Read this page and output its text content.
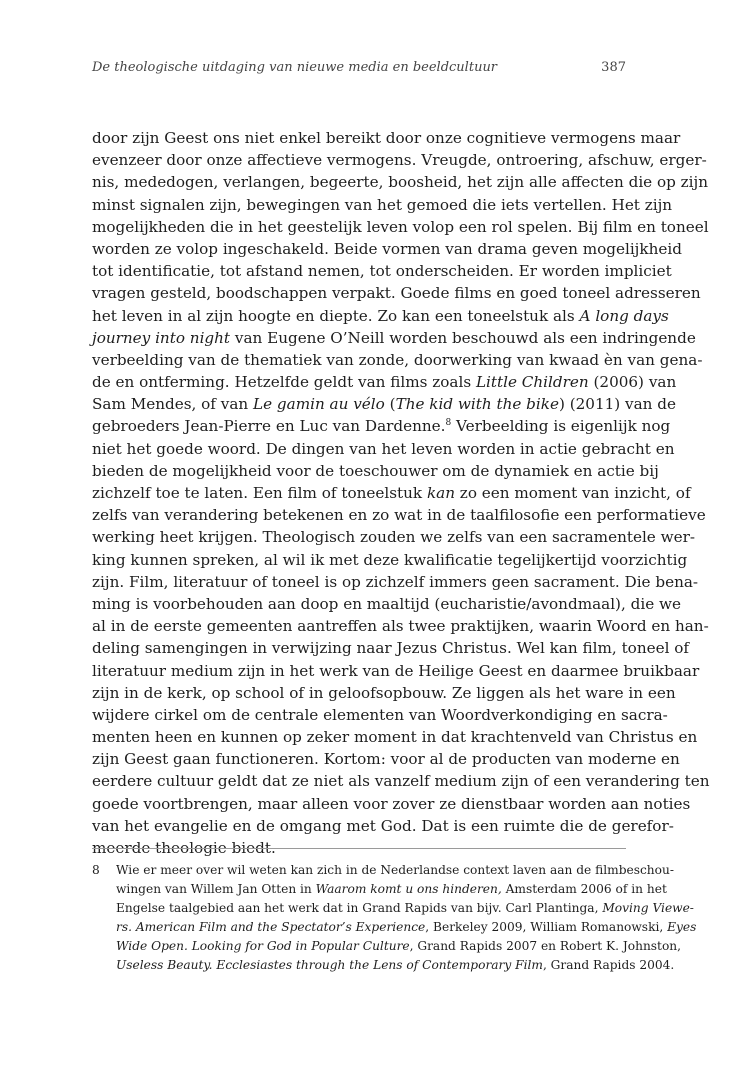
De theologische uitdaging van nieuwe media en beeldcultuur	387
door zijn Geest ons niet enkel bereikt door onze cognitieve vermogens maar
evenzeer door onze affectieve vermogens. Vreugde, ontroering, afschuw, erger-
nis, mededogen, verlangen, begeerte, boosheid, het zijn alle affecten die op zijn
minst signalen zijn, bewegingen van het gemoed die iets vertellen. Het zijn
mogelijkheden die in het geestelijk leven volop een rol spelen. Bij film en toneel
worden ze volop ingeschakeld. Beide vormen van drama geven mogelijkheid
tot identificatie, tot afstand nemen, tot onderscheiden. Er worden impliciet
vragen gesteld, boodschappen verpakt. Goede films en goed toneel adresseren
het leven in al zijn hoogte en diepte. Zo kan een toneelstuk als A long days
journey into night van Eugene O’Neill worden beschouwd als een indringende
verbeelding van de thematiek van zonde, doorwerking van kwaad èn van gena-
de en ontferming. Hetzelfde geldt van films zoals Little Children (2006) van
Sam Mendes, of van Le gamin au vélo (The kid with the bike) (2011) van de
gebroeders Jean-Pierre en Luc van Dardenne.$^8$ Verbeelding is eigenlijk nog
niet het goede woord. De dingen van het leven worden in actie gebracht en
bieden de mogelijkheid voor de toeschouwer om de dynamiek en actie bij
zichzelf toe te laten. Een film of toneelstuk kan zo een moment van inzicht, of
zelfs van verandering betekenen en zo wat in de taalfilosofie een performatieve
werking heet krijgen. Theologisch zouden we zelfs van een sacramentele wer-
king kunnen spreken, al wil ik met deze kwalificatie tegelijkertijd voorzichtig
zijn. Film, literatuur of toneel is op zichzelf immers geen sacrament. Die bena-
ming is voorbehouden aan doop en maaltijd (eucharistie/avondmaal), die we
al in de eerste gemeenten aantreffen als twee praktijken, waarin Woord en han-
deling samengingen in verwijzing naar Jezus Christus. Wel kan film, toneel of
literatuur medium zijn in het werk van de Heilige Geest en daarmee bruikbaar
zijn in de kerk, op school of in geloofsopbouw. Ze liggen als het ware in een
wijdere cirkel om de centrale elementen van Woordverkondiging en sacra-
menten heen en kunnen op zeker moment in dat krachtenveld van Christus en
zijn Geest gaan functioneren. Kortom: voor al de producten van moderne en
eerdere cultuur geldt dat ze niet als vanzelf medium zijn of een verandering ten
goede voortbrengen, maar alleen voor zover ze dienstbaar worden aan noties
van het evangelie en de omgang met God. Dat is een ruimte die de gerefor-
meerde theologie biedt.
8 Wie er meer over wil weten kan zich in de Nederlandse context laven aan de filmbeschou-
wingen van Willem Jan Otten in Waarom komt u ons hinderen, Amsterdam 2006 of in het
Engelse taalgebied aan het werk dat in Grand Rapids van bijv. Carl Plantinga, Moving Viewe-
rs. American Film and the Spectator’s Experience, Berkeley 2009, William Romanowski, Eyes
Wide Open. Looking for God in Popular Culture, Grand Rapids 2007 en Robert K. Johnston,
Useless Beauty. Ecclesiastes through the Lens of Contemporary Film, Grand Rapids 2004.
